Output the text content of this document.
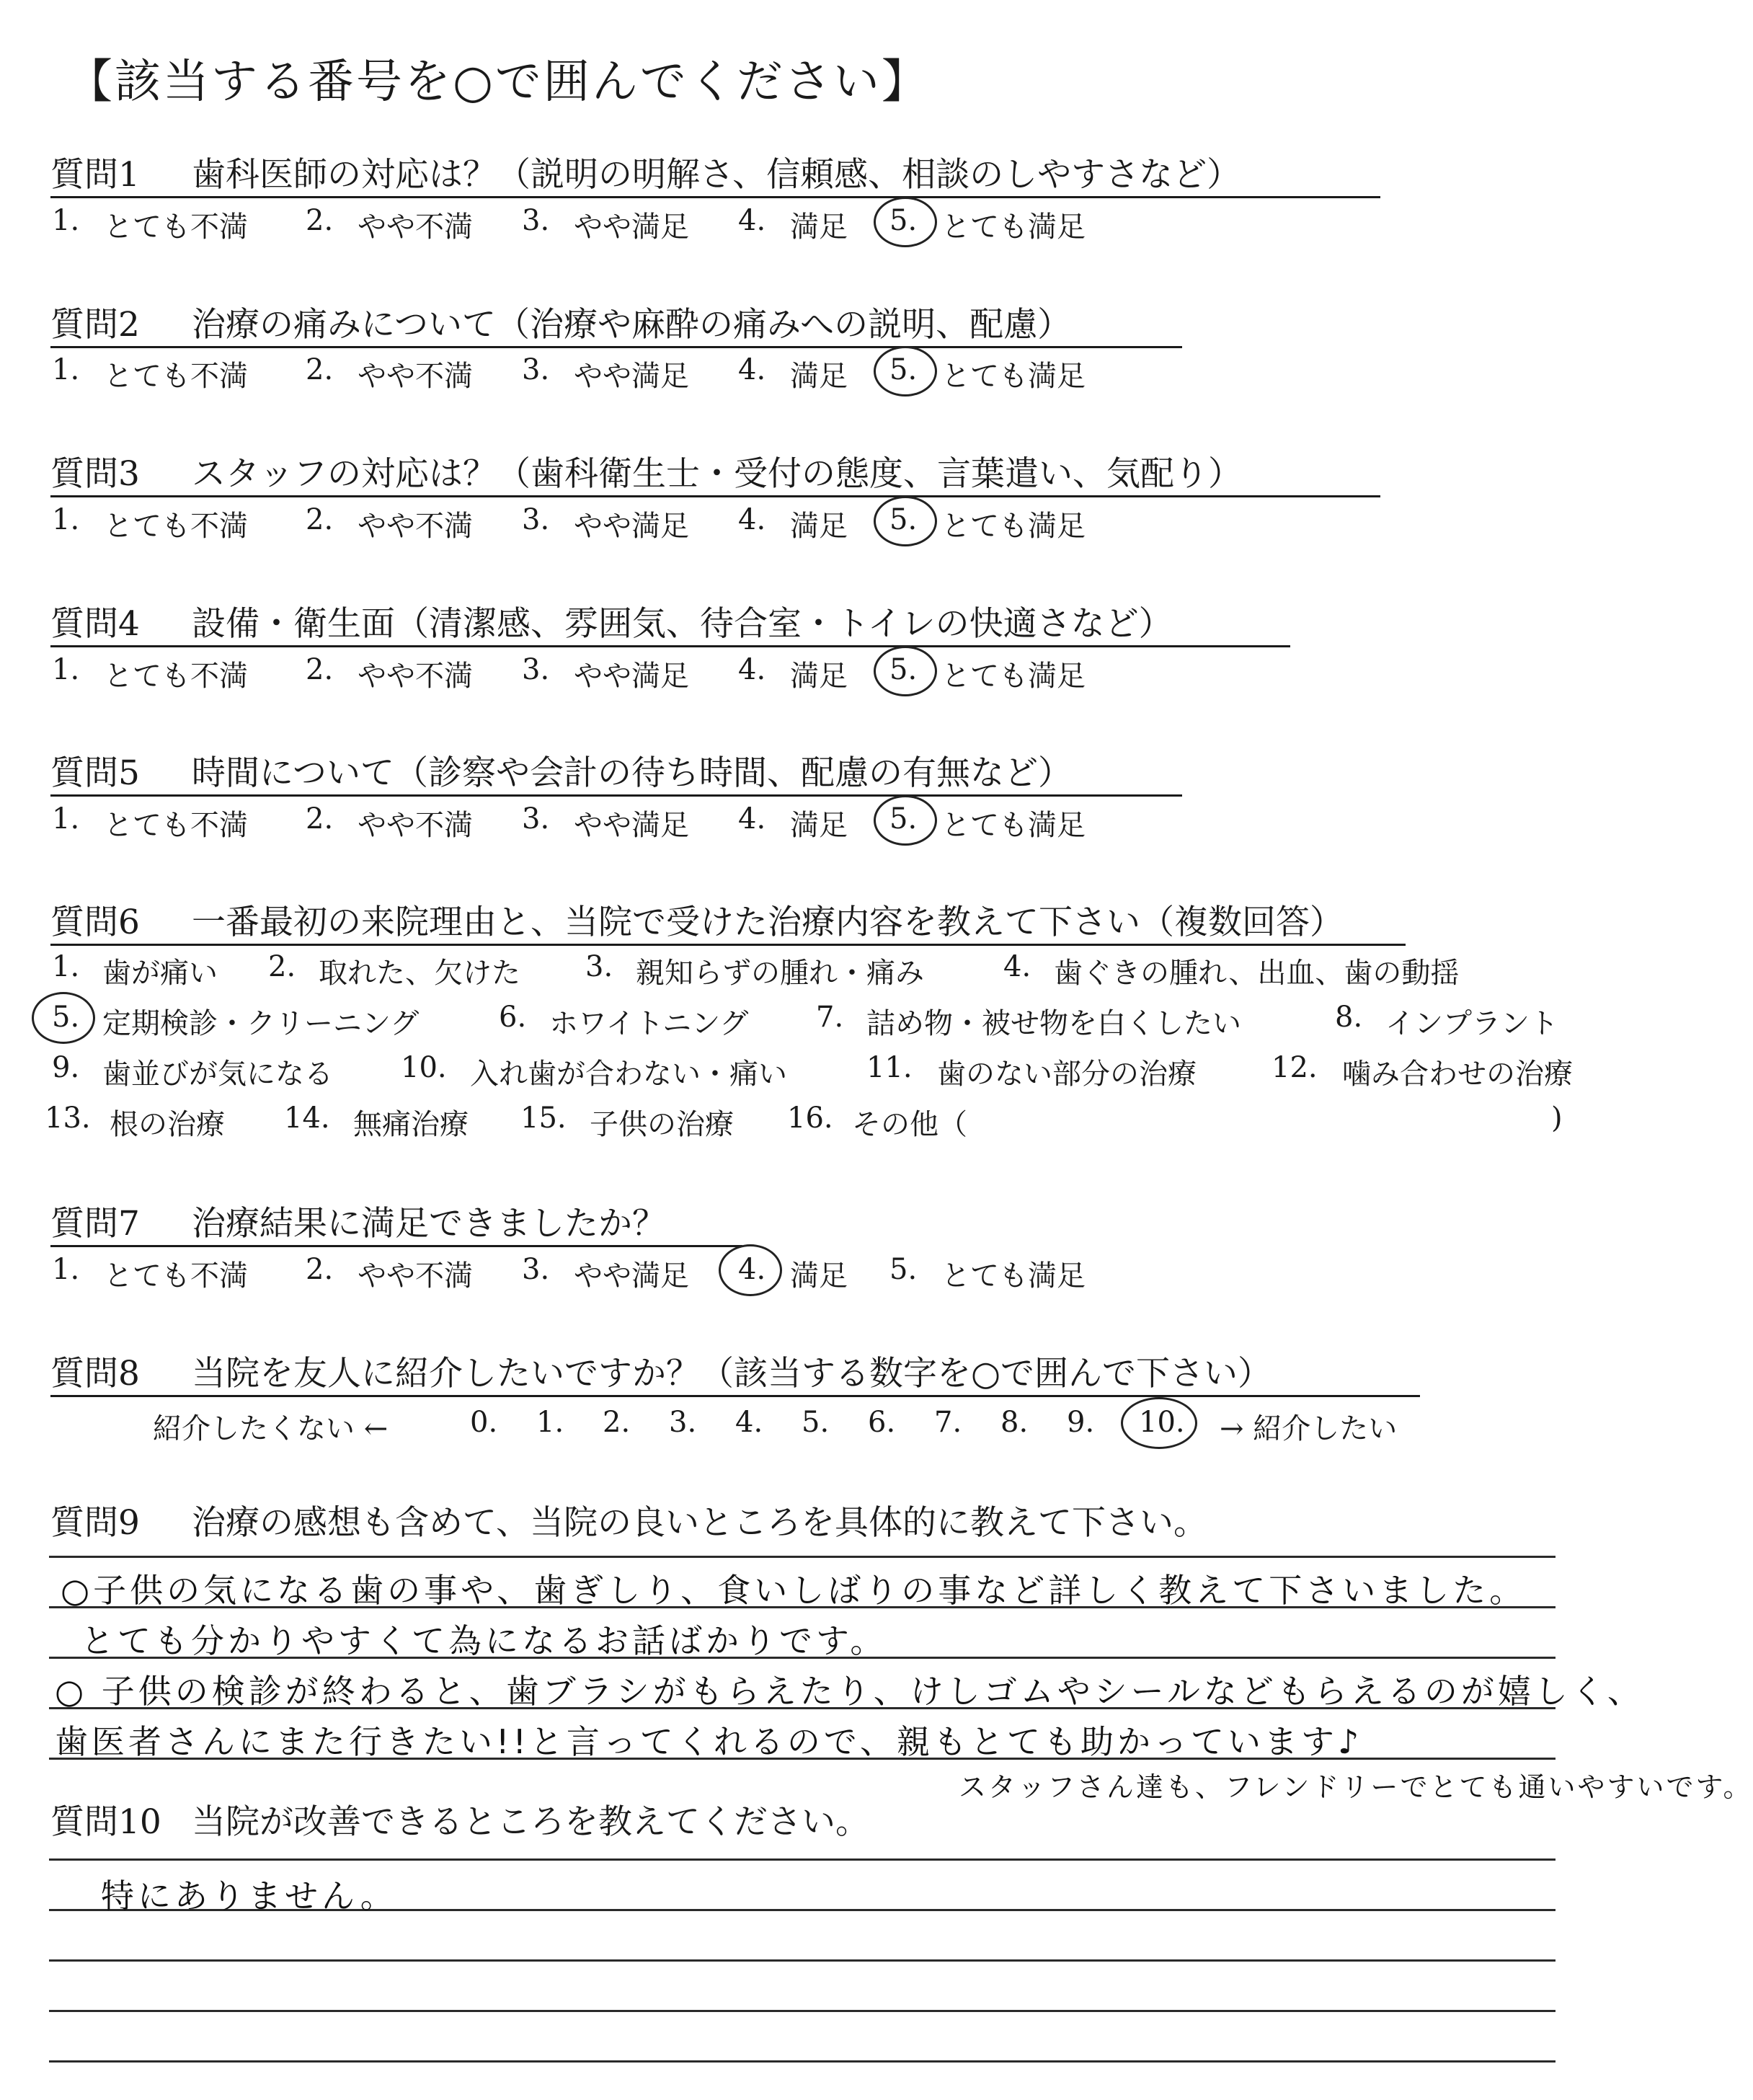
【該当する番号を○で囲んでください】
質問1 歯科医師の対応は？（説明の明解さ、信頼感、相談のしやすさなど）
1. とても不満 2. やや不満 3. やや満足 4. 満足 5. とても満足
質問2 治療の痛みについて（治療や麻酔の痛みへの説明、配慮）
1. とても不満 2. やや不満 3. やや満足 4. 満足 5. とても満足
質問3 スタッフの対応は？（歯科衛生士・受付の態度、言葉遣い、気配り）
1. とても不満 2. やや不満 3. やや満足 4. 満足 5. とても満足
質問4 設備・衛生面（清潔感、雰囲気、待合室・トイレの快適さなど）
1. とても不満 2. やや不満 3. やや満足 4. 満足 5. とても満足
質問5 時間について（診察や会計の待ち時間、配慮の有無など）
1. とても不満 2. やや不満 3. やや満足 4. 満足 5. とても満足
質問6 一番最初の来院理由と、当院で受けた治療内容を教えて下さい（複数回答）
1. 歯が痛い 2. 取れた、欠けた 3. 親知らずの腫れ・痛み	4. 歯ぐきの腫れ、出血、歯の動揺
5. 定期検診・クリーニング	6. ホワイトニング 7. 詰め物・被せ物を白くしたい	8. インプラント
9. 歯並びが気になる 10. 入れ歯が合わない・痛い	11. 歯のない部分の治療	12. 噛み合わせの治療
13. 根の治療 14. 無痛治療 15. 子供の治療 16. その他（	)
質問7 治療結果に満足できましたか？
1. とても不満 2. やや不満 3. やや満足 4. 満足 5. とても満足
質問8 当院を友人に紹介したいですか？（該当する数字を○で囲んで下さい）
紹介したくない ←	0. 1. 2. 3. 4. 5. 6. 7. 8. 9. 10. → 紹介したい
質問9 治療の感想も含めて、当院の良いところを具体的に教えて下さい。
○子供の気になる歯の事や、歯ぎしり、食いしばりの事など詳しく教えて下さいました。
とても分かりやすくて為になるお話ばかりです。
○ 子供の検診が終わると、歯ブラシがもらえたり、けしゴムやシールなどもらえるのが嬉しく、
歯医者さんにまた行きたい!!と言ってくれるので、親もとても助かっています♪
スタッフさん達も、フレンドリーでとても通いやすいです。
質問10 当院が改善できるところを教えてください。
特にありません。
